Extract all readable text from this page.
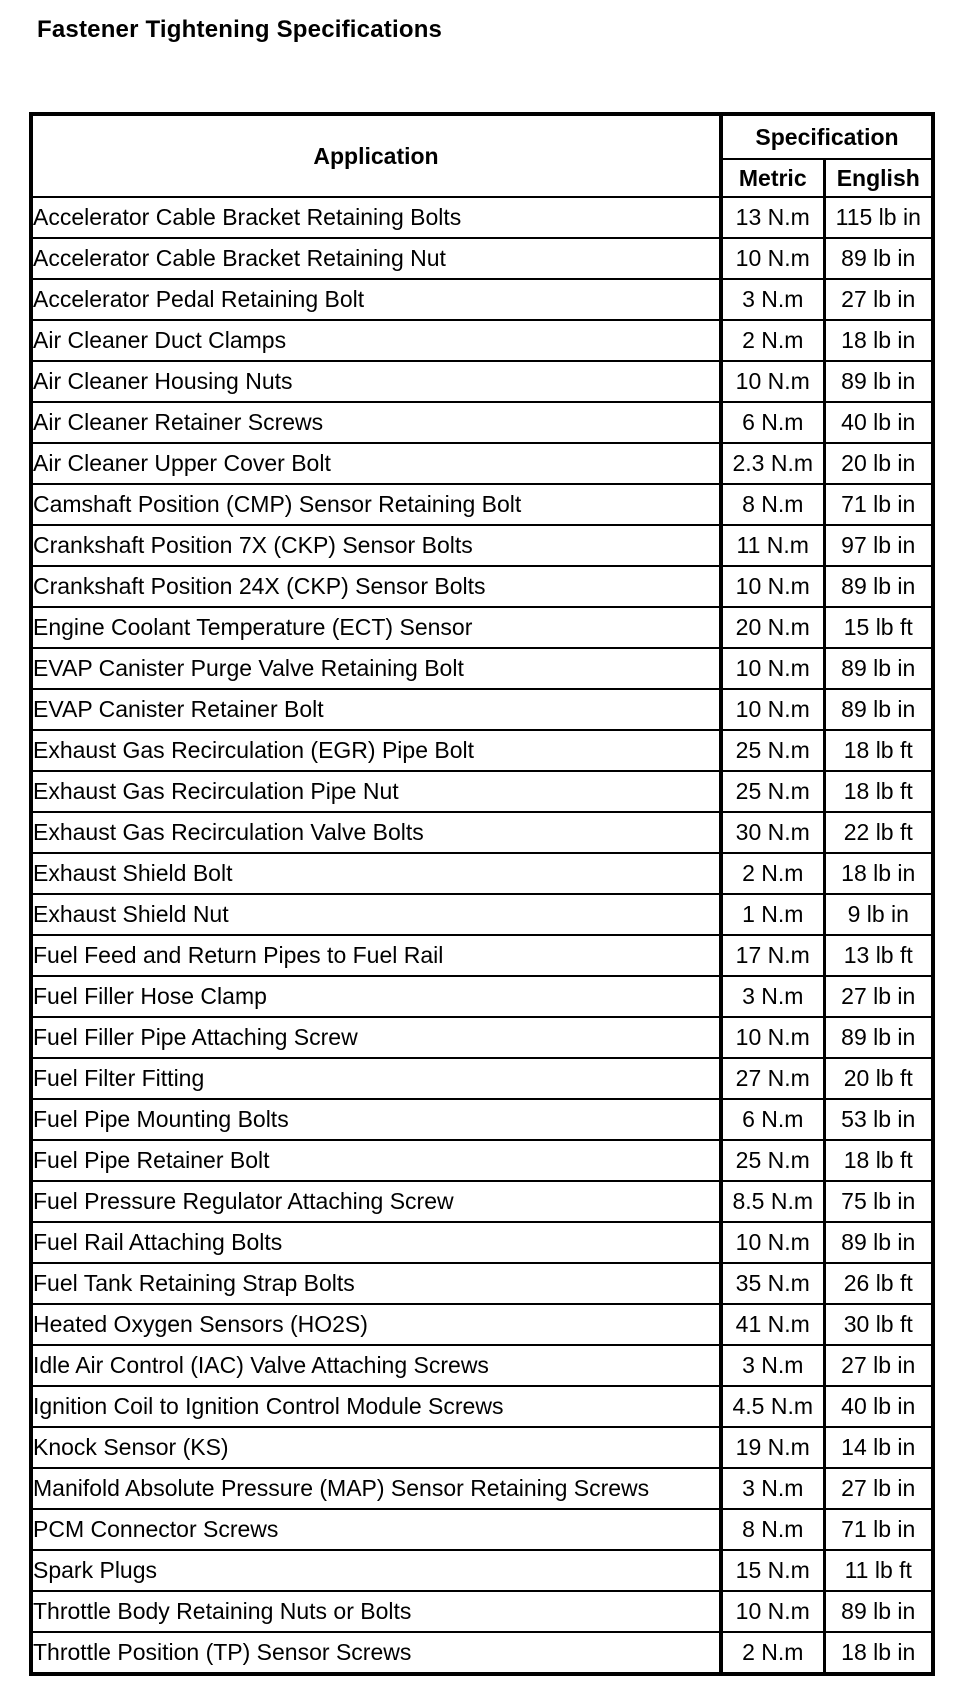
Fastener Tightening Specifications
Application	Specification	
	Metric	English
Accelerator Cable Bracket Retaining Bolts	13 N.m	115 lb in
Accelerator Cable Bracket Retaining Nut	10 N.m	89 lb in
Accelerator Pedal Retaining Bolt	3 N.m	27 lb in
Air Cleaner Duct Clamps	2 N.m	18 lb in
Air Cleaner Housing Nuts	10 N.m	89 lb in
Air Cleaner Retainer Screws	6 N.m	40 lb in
Air Cleaner Upper Cover Bolt	2.3 N.m	20 lb in
Camshaft Position (CMP) Sensor Retaining Bolt	8 N.m	71 lb in
Crankshaft Position 7X (CKP) Sensor Bolts	11 N.m	97 lb in
Crankshaft Position 24X (CKP) Sensor Bolts	10 N.m	89 lb in
Engine Coolant Temperature (ECT) Sensor	20 N.m	15 lb ft
EVAP Canister Purge Valve Retaining Bolt	10 N.m	89 lb in
EVAP Canister Retainer Bolt	10 N.m	89 lb in
Exhaust Gas Recirculation (EGR) Pipe Bolt	25 N.m	18 lb ft
Exhaust Gas Recirculation Pipe Nut	25 N.m	18 lb ft
Exhaust Gas Recirculation Valve Bolts	30 N.m	22 lb ft
Exhaust Shield Bolt	2 N.m	18 lb in
Exhaust Shield Nut	1 N.m	9 lb in
Fuel Feed and Return Pipes to Fuel Rail	17 N.m	13 lb ft
Fuel Filler Hose Clamp	3 N.m	27 lb in
Fuel Filler Pipe Attaching Screw	10 N.m	89 lb in
Fuel Filter Fitting	27 N.m	20 lb ft
Fuel Pipe Mounting Bolts	6 N.m	53 lb in
Fuel Pipe Retainer Bolt	25 N.m	18 lb ft
Fuel Pressure Regulator Attaching Screw	8.5 N.m	75 lb in
Fuel Rail Attaching Bolts	10 N.m	89 lb in
Fuel Tank Retaining Strap Bolts	35 N.m	26 lb ft
Heated Oxygen Sensors (HO2S)	41 N.m	30 lb ft
Idle Air Control (IAC) Valve Attaching Screws	3 N.m	27 lb in
Ignition Coil to Ignition Control Module Screws	4.5 N.m	40 lb in
Knock Sensor (KS)	19 N.m	14 lb in
Manifold Absolute Pressure (MAP) Sensor Retaining Screws	3 N.m	27 lb in
PCM Connector Screws	8 N.m	71 lb in
Spark Plugs	15 N.m	11 lb ft
Throttle Body Retaining Nuts or Bolts	10 N.m	89 lb in
Throttle Position (TP) Sensor Screws	2 N.m	18 lb in
